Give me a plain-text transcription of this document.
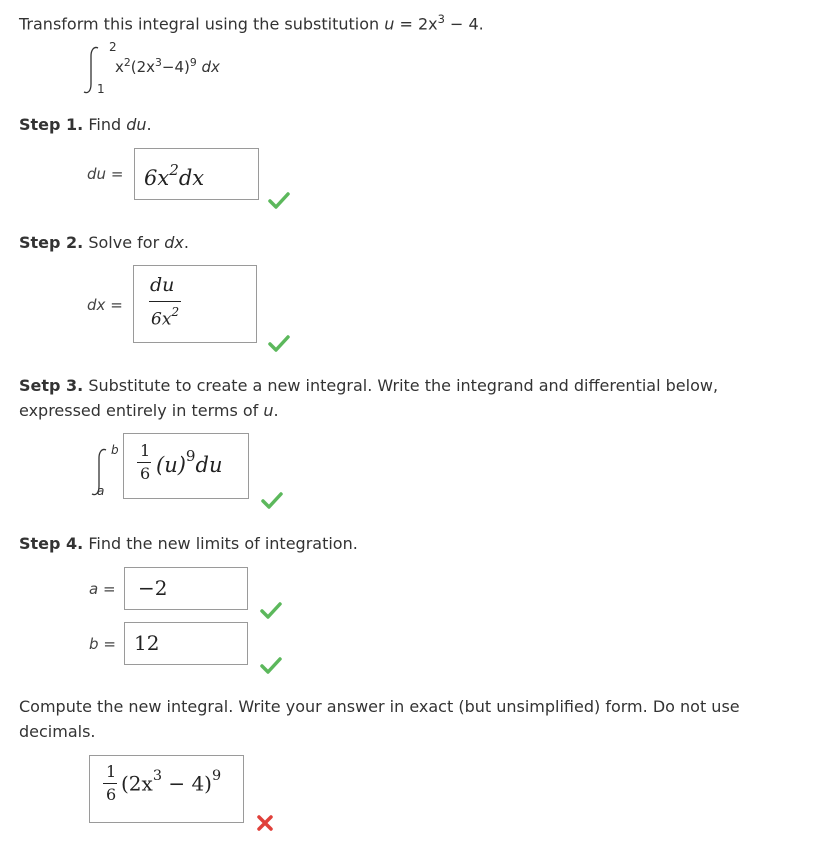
Transform this integral using the substitution $u = 2x^3 - 4$.
2
1
$x^2(2x^3-4)^9$ dx
Step 1. Find du.
du = $6x^2dx$
Step 2. Solve for dx.
dx =
du
$6x^2$
Setp 3. Substitute to create a new integral. Write the integrand and differential below,
expressed entirely in terms of u.
b
a
1
6 $(u)^9du$
Step 4. Find the new limits of integration.
a = −2
b = 12
Compute the new integral. Write your answer in exact (but unsimplified) form. Do not use
decimals.
1
6 $(2x^3 - 4)^9$
